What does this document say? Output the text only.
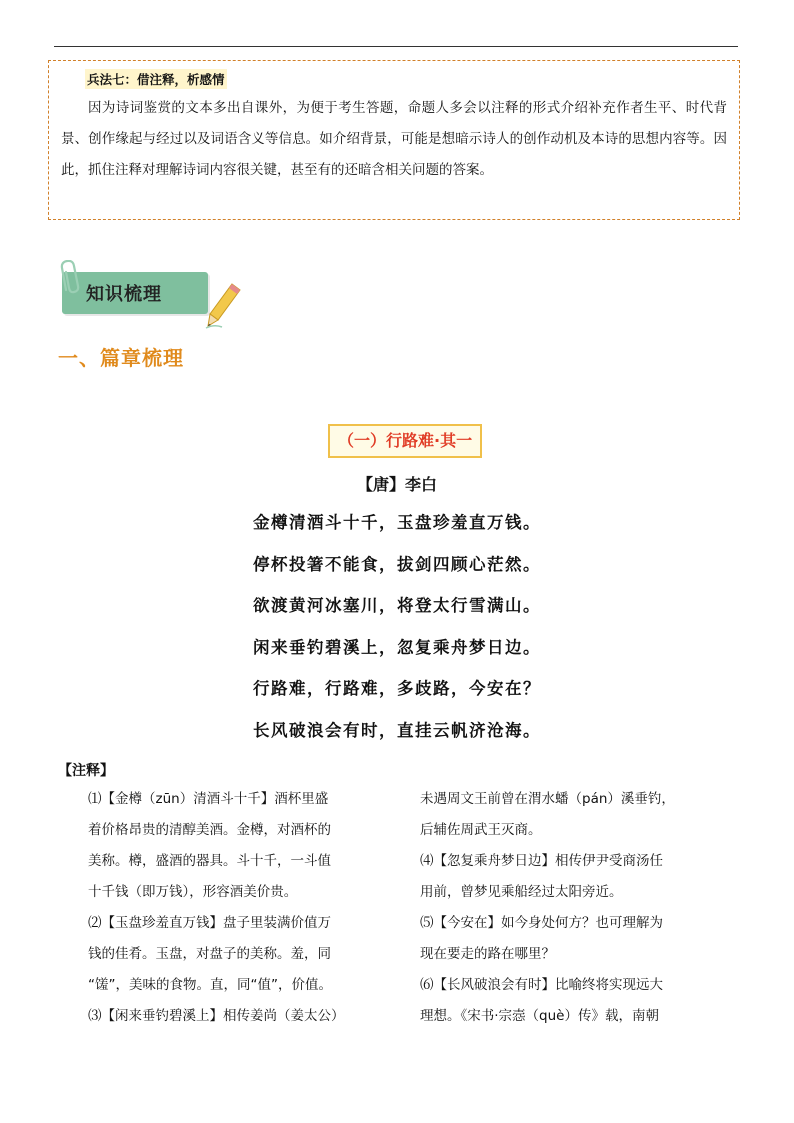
兵法七：借注释，析感情

因为诗词鉴赏的文本多出自课外，为便于考生答题，命题人多会以注释的形式介绍补充作者生平、时代背景、创作缘起与经过以及词语含义等信息。如介绍背景，可能是想暗示诗人的创作动机及本诗的思想内容等。因此，抓住注释对理解诗词内容很关键，甚至有的还暗含相关问题的答案。

知识梳理
一、篇章梳理
（一）行路难·其一
【唐】李白
金樽清酒斗十千，玉盘珍羞直万钱。
停杯投箸不能食，拔剑四顾心茫然。
欲渡黄河冰塞川，将登太行雪满山。
闲来垂钓碧溪上，忽复乘舟梦日边。
行路难，行路难，多歧路，今安在？
长风破浪会有时，直挂云帆济沧海。
【注释】
⑴【金樽（zūn）清酒斗十千】酒杯里盛
着价格昂贵的清醇美酒。金樽，对酒杯的
美称。樽，盛酒的器具。斗十千，一斗值
十千钱（即万钱），形容酒美价贵。
⑵【玉盘珍羞直万钱】盘子里装满价值万
钱的佳肴。玉盘，对盘子的美称。羞，同
“馐”，美味的食物。直，同“值”，价值。
⑶【闲来垂钓碧溪上】相传姜尚（姜太公）
未遇周文王前曾在渭水蟠（pán）溪垂钓，
后辅佐周武王灭商。
⑷【忽复乘舟梦日边】相传伊尹受商汤任
用前，曾梦见乘船经过太阳旁近。
⑸【今安在】如今身处何方？也可理解为
现在要走的路在哪里？
⑹【长风破浪会有时】比喻终将实现远大
理想。《宋书·宗悫（què）传》载，南朝
